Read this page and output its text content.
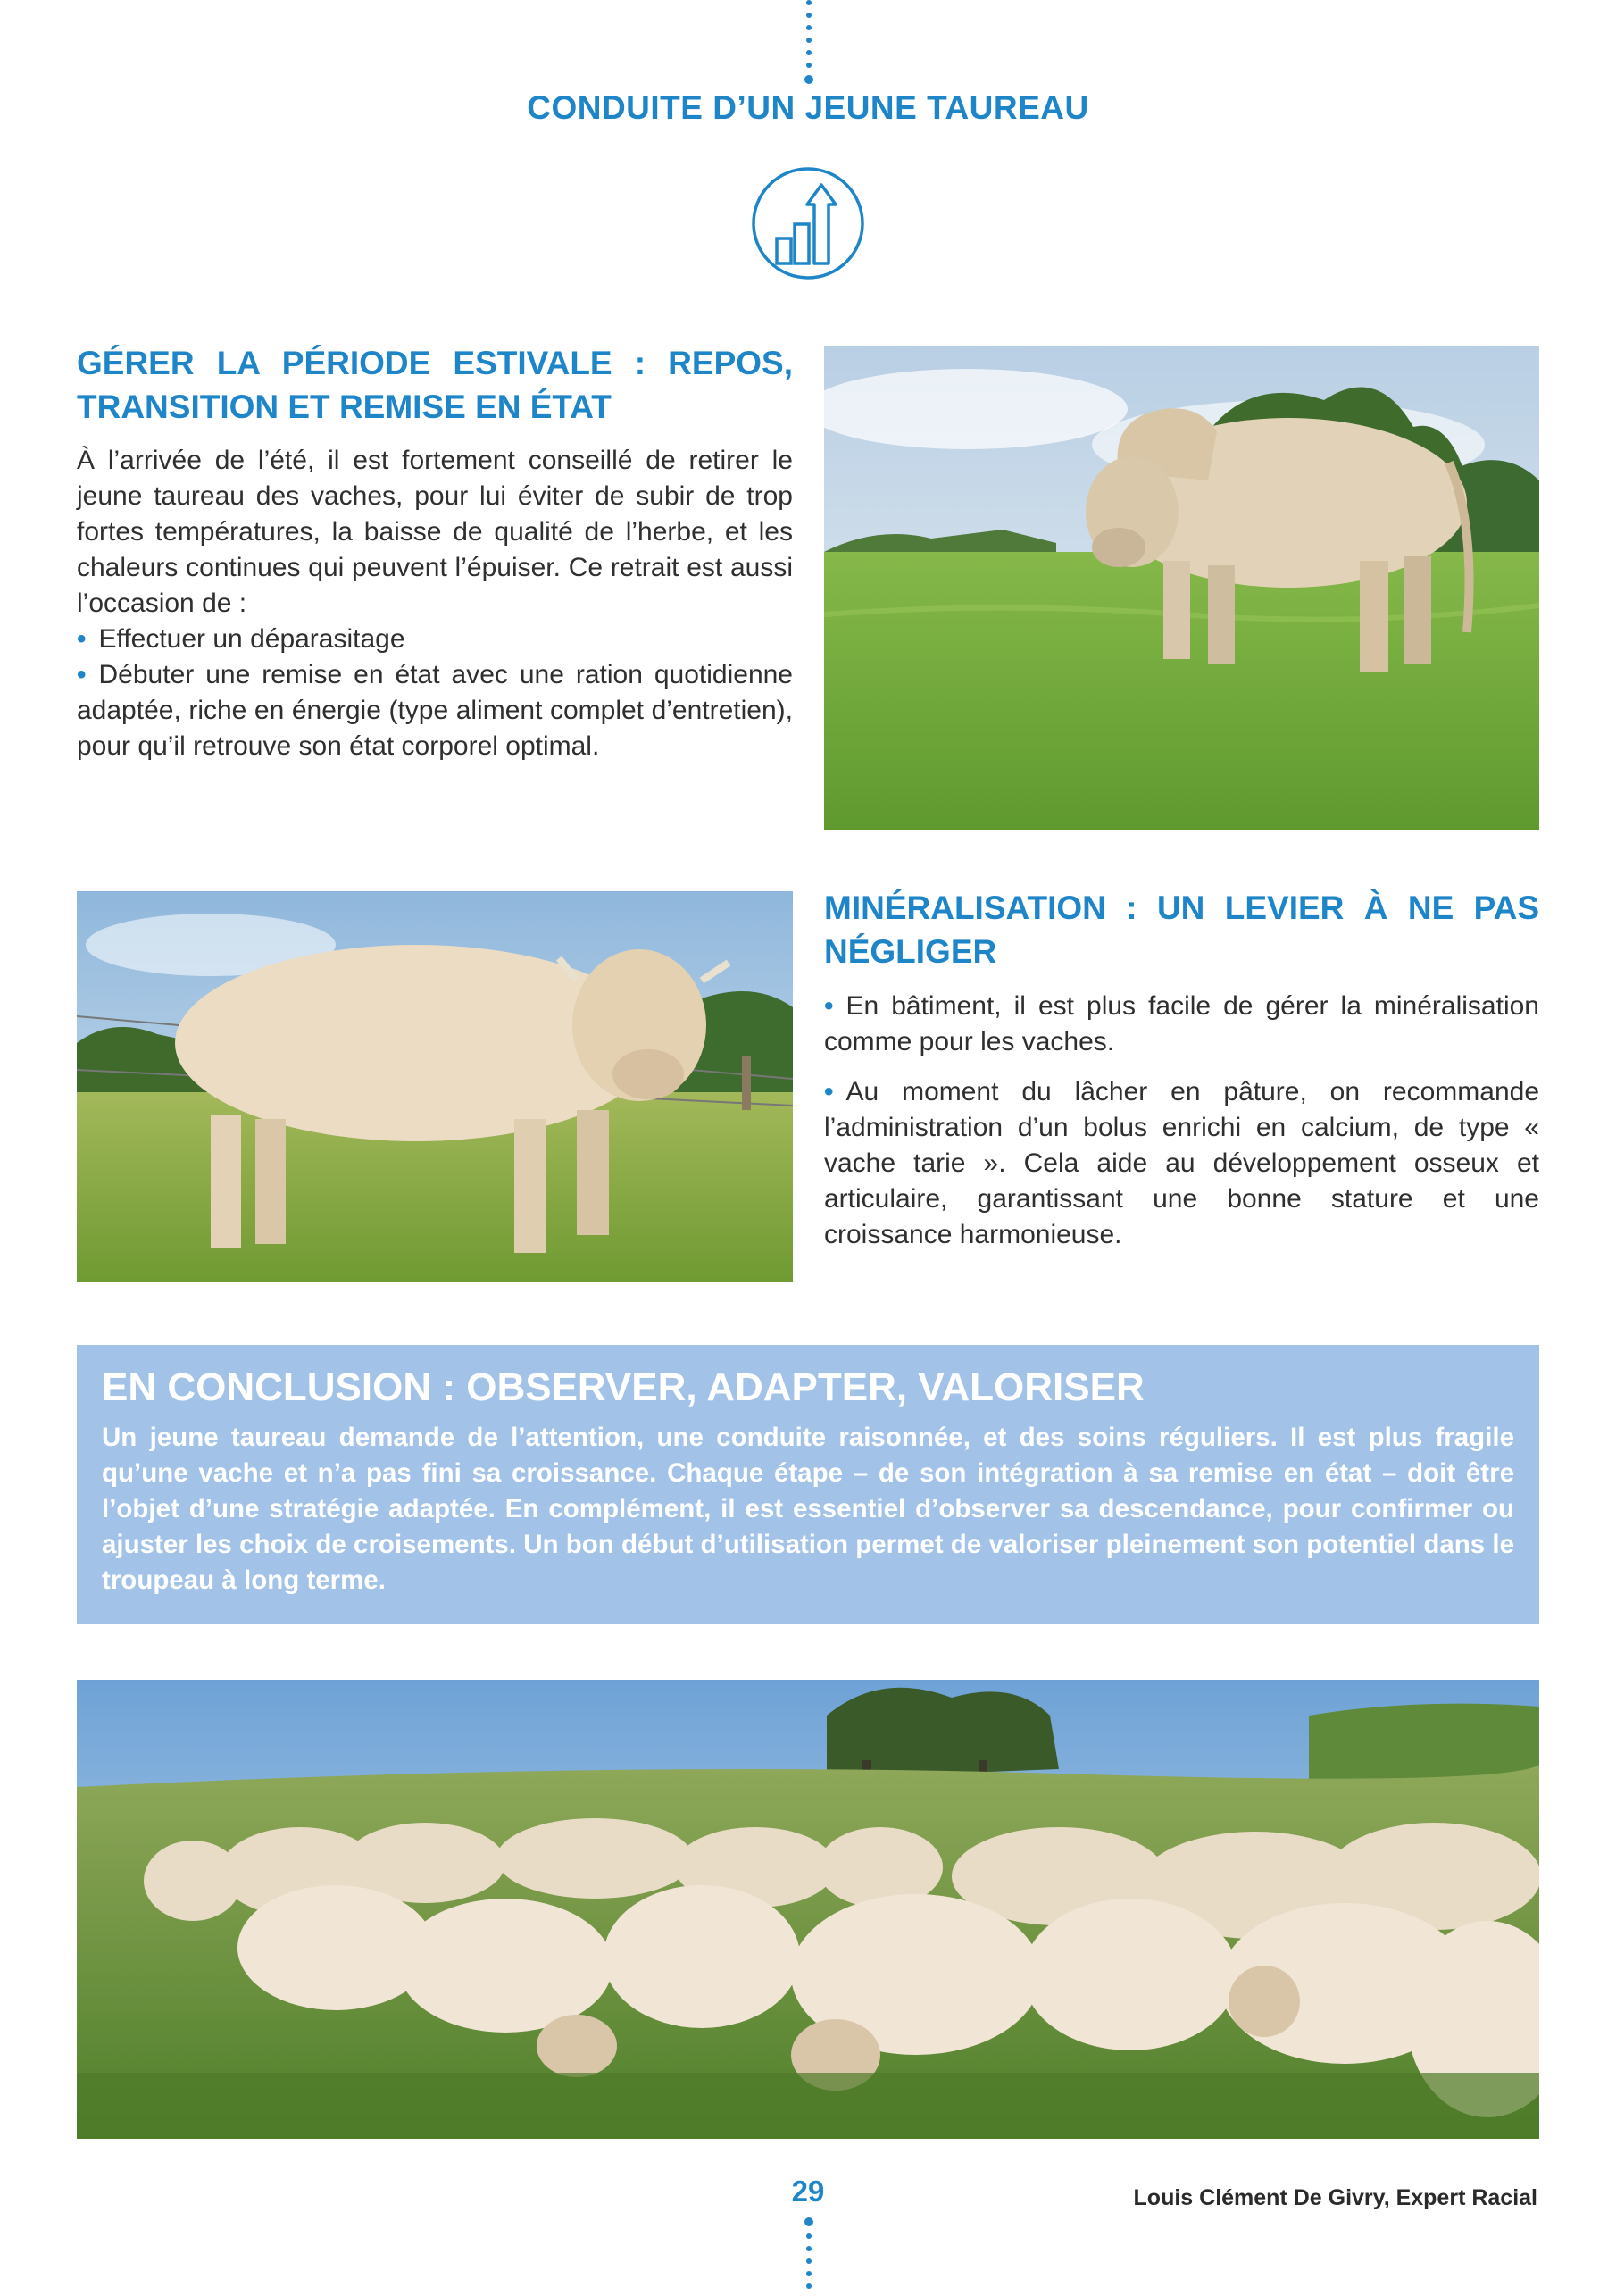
CONDUITE D’UN JEUNE TAUREAU
GÉRER LA PÉRIODE ESTIVALE : REPOS, TRANSITION ET REMISE EN ÉTAT

À l’arrivée de l’été, il est fortement conseillé de retirer le jeune taureau des vaches, pour lui éviter de subir de trop fortes températures, la baisse de qualité de l’herbe, et les chaleurs continues qui peuvent l’épuiser. Ce retrait est aussi l’occasion de :

• Effectuer un déparasitage

• Débuter une remise en état avec une ration quotidienne adaptée, riche en énergie (type aliment complet d’entretien), pour qu’il retrouve son état corporel optimal.

MINÉRALISATION : UN LEVIER À NE PAS NÉGLIGER

• En bâtiment, il est plus facile de gérer la minéralisation comme pour les vaches.

• Au moment du lâcher en pâture, on recommande l’administration d’un bolus enrichi en calcium, de type « vache tarie ». Cela aide au développement osseux et articulaire, garantissant une bonne stature et une croissance harmonieuse.

EN CONCLUSION : OBSERVER, ADAPTER, VALORISER

Un jeune taureau demande de l’attention, une conduite raisonnée, et des soins réguliers. Il est plus fragile qu’une vache et n’a pas fini sa croissance. Chaque étape – de son intégration à sa remise en état – doit être l’objet d’une stratégie adaptée. En complément, il est essentiel d’observer sa descendance, pour confirmer ou ajuster les choix de croisements. Un bon début d’utilisation permet de valoriser pleinement son potentiel dans le troupeau à long terme.

29	Louis Clément De Givry, Expert Racial
